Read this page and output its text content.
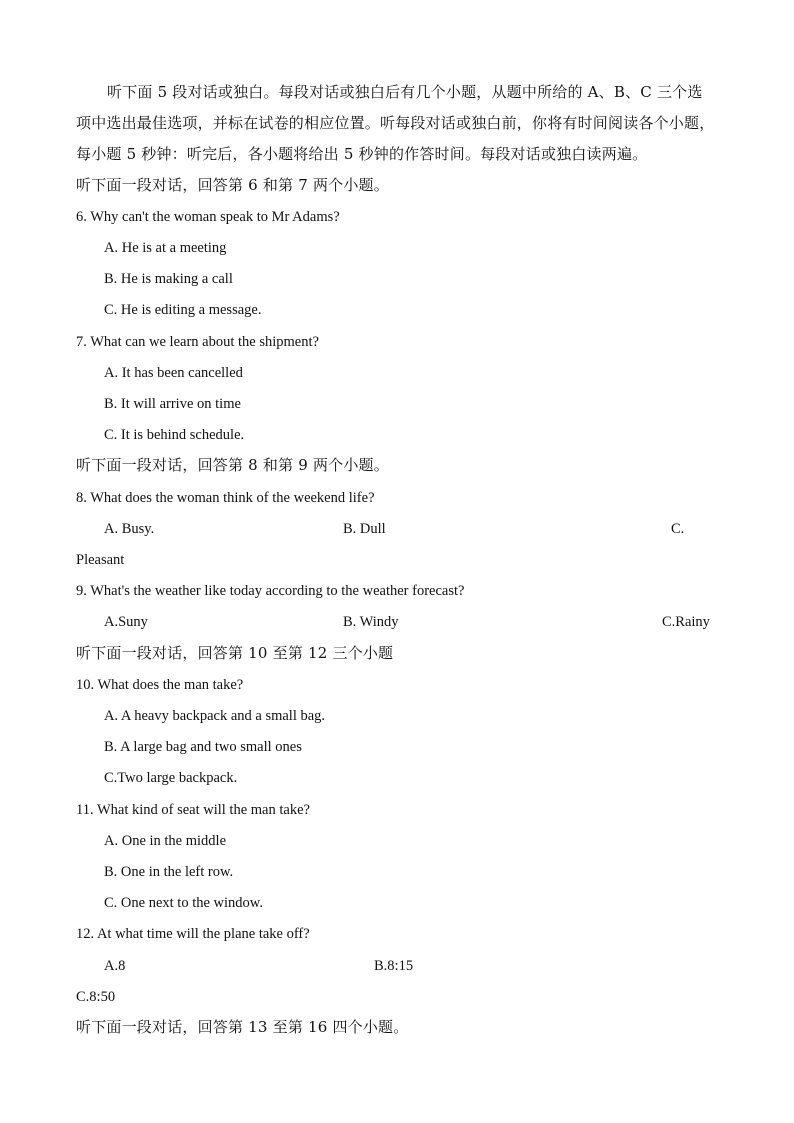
听下面 5 段对话或独白。每段对话或独白后有几个小题，从题中所给的 A、B、C 三个选
项中选出最佳选项，并标在试卷的相应位置。听每段对话或独白前，你将有时间阅读各个小题，
每小题 5 秒钟：听完后，各小题将给出 5 秒钟的作答时间。每段对话或独白读两遍。
听下面一段对话，回答第 6 和第 7 两个小题。
6. Why can't the woman speak to Mr Adams?
A. He is at a meeting
B. He is making a call
C. He is editing a message.
7. What can we learn about the shipment?
A. It has been cancelled
B. It will arrive on time
C. It is behind schedule.
听下面一段对话，回答第 8 和第 9 两个小题。
8. What does the woman think of the weekend life?
A. Busy.	B. Dull	C.
Pleasant
9. What's the weather like today according to the weather forecast?
A.Suny	B. Windy	C.Rainy
听下面一段对话，回答第 10 至第 12 三个小题
10. What does the man take?
A. A heavy backpack and a small bag.
B. A large bag and two small ones
C.Two large backpack.
11. What kind of seat will the man take?
A. One in the middle
B. One in the left row.
C. One next to the window.
12. At what time will the plane take off?
A.8	B.8:15
C.8:50
听下面一段对话，回答第 13 至第 16 四个小题。
